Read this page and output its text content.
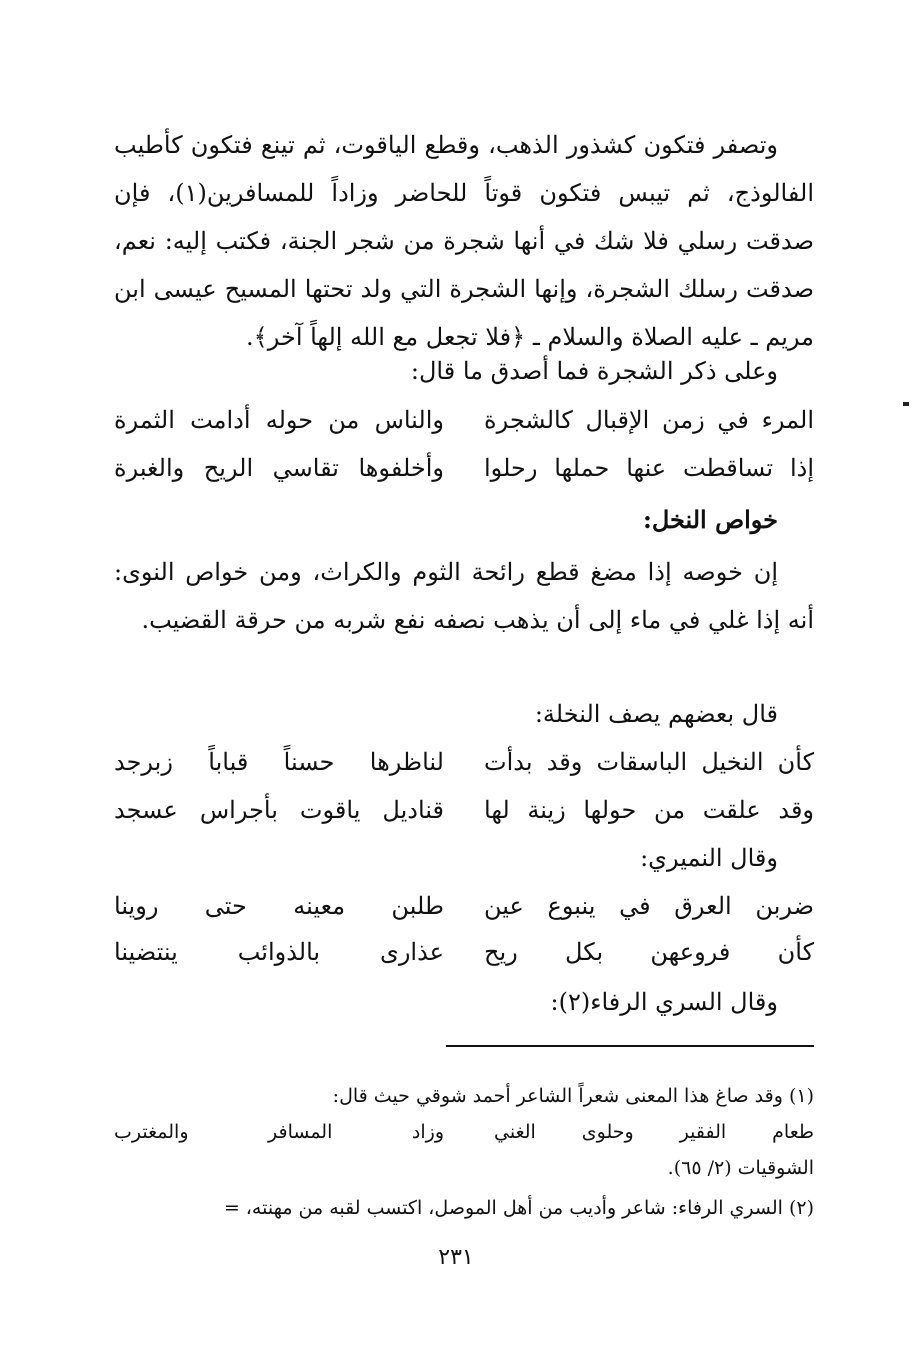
وتصفر فتكون كشذور الذهب، وقطع الياقوت، ثم تينع فتكون كأطيب الفالوذج، ثم تيبس فتكون قوتاً للحاضر وزاداً للمسافرين(١)، فإن صدقت رسلي فلا شك في أنها شجرة من شجر الجنة، فكتب إليه: نعم، صدقت رسلك الشجرة، وإنها الشجرة التي ولد تحتها المسيح عيسى ابن مريم ـ عليه الصلاة والسلام ـ ﴿فلا تجعل مع الله إلهاً آخر﴾.
وعلى ذكر الشجرة فما أصدق ما قال:
المرء في زمن الإقبال كالشجرة
والناس من حوله أدامت الثمرة
إذا تساقطت عنها حملها رحلوا
وأخلفوها تقاسي الريح والغبرة
خواص النخل:
إن خوصه إذا مضغ قطع رائحة الثوم والكراث، ومن خواص النوى: أنه إذا غلي في ماء إلى أن يذهب نصفه نفع شربه من حرقة القضيب.
قال بعضهم يصف النخلة:
كأن النخيل الباسقات وقد بدأت
لناظرها حسناً قباباً زبرجد
وقد علقت من حولها زينة لها
قناديل ياقوت بأجراس عسجد
وقال النميري:
ضربن العرق في ينبوع عين
طلبن معينه حتى روينا
كأن فروعهن بكل ريح
عذارى بالذوائب ينتضينا
وقال السري الرفاء(٢):
(١) وقد صاغ هذا المعنى شعراً الشاعر أحمد شوقي حيث قال:
طعام الفقير وحلوى الغني
وزاد المسافر والمغترب
الشوقيات (٢/ ٦٥).
(٢) السري الرفاء: شاعر وأديب من أهل الموصل، اكتسب لقبه من مهنته، =
٢٣١
